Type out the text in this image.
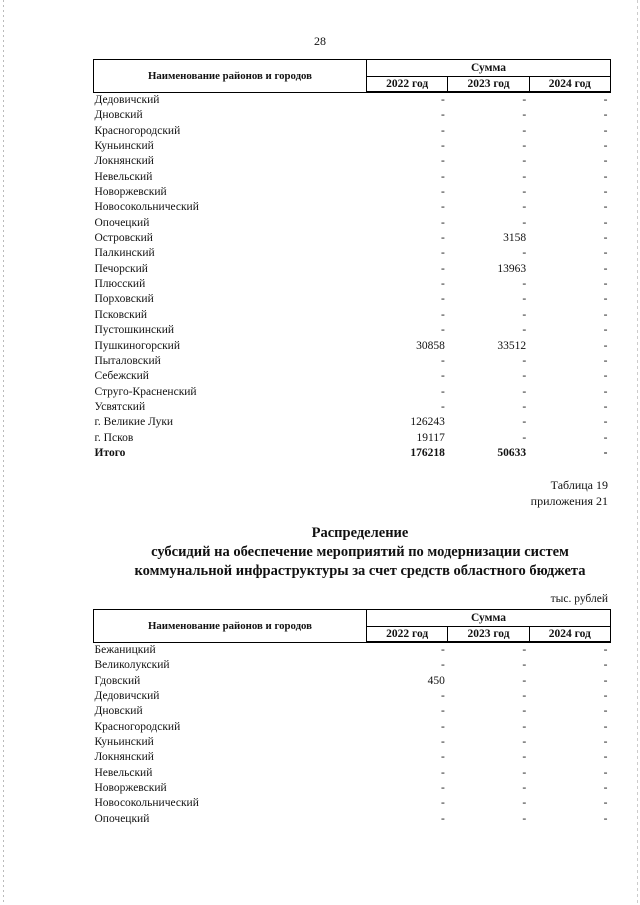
28
Наименование районов и городов	Сумма		
	2022 год	2023 год	2024 год
Дедовичский	-	-	-
Дновский	-	-	-
Красногородский	-	-	-
Куньинский	-	-	-
Локнянский	-	-	-
Невельский	-	-	-
Новоржевский	-	-	-
Новосокольнический	-	-	-
Опочецкий	-	-	-
Островский	-	3158	-
Палкинский	-	-	-
Печорский	-	13963	-
Плюсский	-	-	-
Порховский	-	-	-
Псковский	-	-	-
Пустошкинский	-	-	-
Пушкиногорский	30858	33512	-
Пыталовский	-	-	-
Себежский	-	-	-
Струго-Красненский	-	-	-
Усвятский	-	-	-
г. Великие Луки	126243	-	-
г. Псков	19117	-	-
Итого	176218	50633	-
Таблица 19
приложения 21
Распределение
субсидий на обеспечение мероприятий по модернизации систем
коммунальной инфраструктуры за счет средств областного бюджета
тыс. рублей
Наименование районов и городов	Сумма		
	2022 год	2023 год	2024 год
Бежаницкий	-	-	-
Великолукский	-	-	-
Гдовский	450	-	-
Дедовичский	-	-	-
Дновский	-	-	-
Красногородский	-	-	-
Куньинский	-	-	-
Локнянский	-	-	-
Невельский	-	-	-
Новоржевский	-	-	-
Новосокольнический	-	-	-
Опочецкий	-	-	-
